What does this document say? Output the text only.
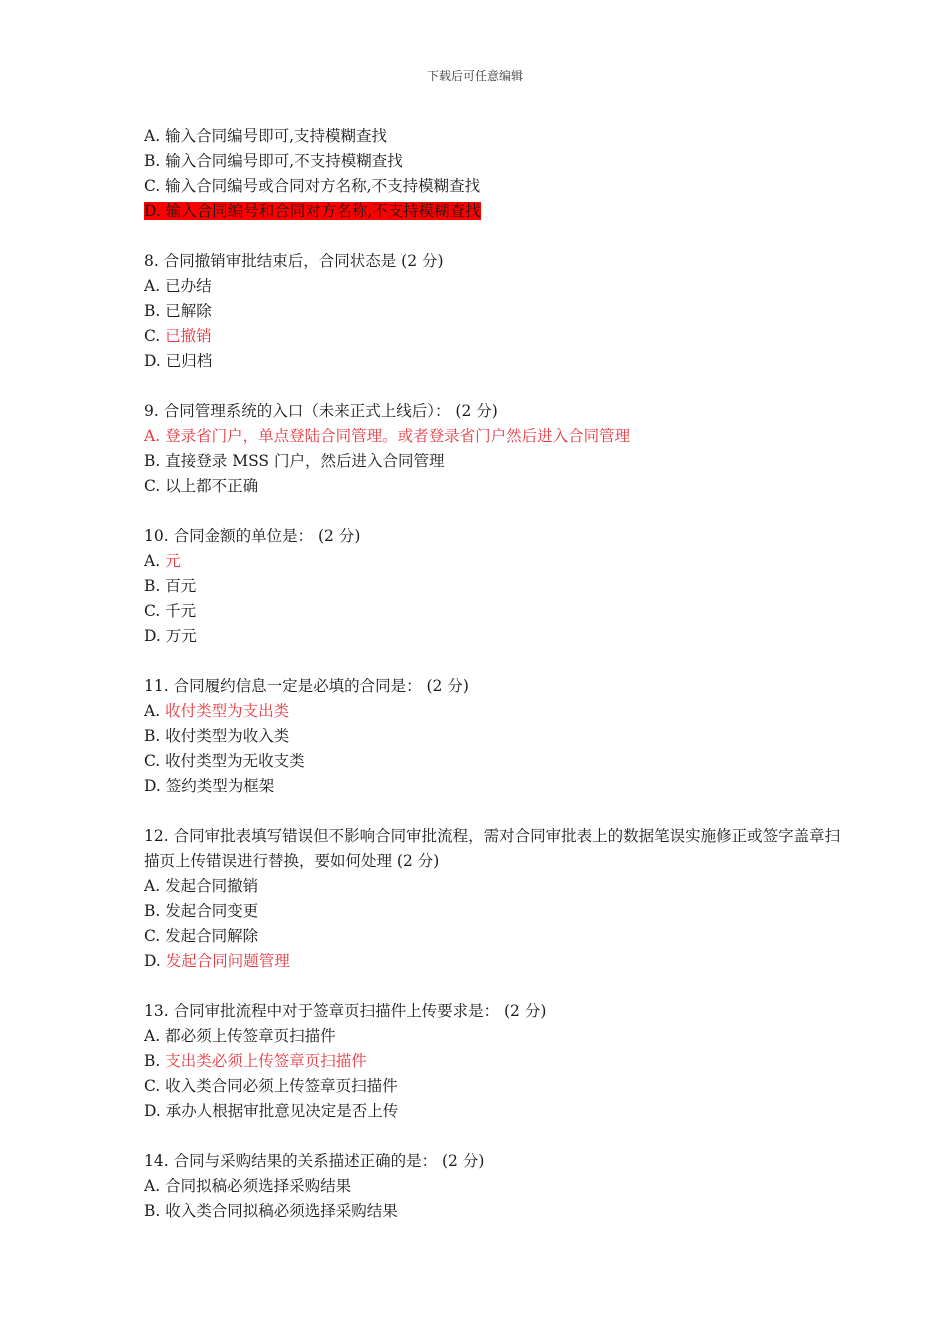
下载后可任意编辑
A. 输入合同编号即可,支持模糊查找
B. 输入合同编号即可,不支持模糊查找
C. 输入合同编号或合同对方名称,不支持模糊查找
D. 输入合同编号和合同对方名称,不支持模糊查找
8. 合同撤销审批结束后，合同状态是 (2 分)
A. 已办结
B. 已解除
C. 已撤销
D. 已归档
9. 合同管理系统的入口（未来正式上线后）： (2 分)
A. 登录省门户，单点登陆合同管理。或者登录省门户然后进入合同管理
B. 直接登录 MSS 门户，然后进入合同管理
C. 以上都不正确
10. 合同金额的单位是： (2 分)
A. 元
B. 百元
C. 千元
D. 万元
11. 合同履约信息一定是必填的合同是： (2 分)
A. 收付类型为支出类
B. 收付类型为收入类
C. 收付类型为无收支类
D. 签约类型为框架
12. 合同审批表填写错误但不影响合同审批流程，需对合同审批表上的数据笔误实施修正或签字盖章扫描页上传错误进行替换，要如何处理 (2 分)
A. 发起合同撤销
B. 发起合同变更
C. 发起合同解除
D. 发起合同问题管理
13. 合同审批流程中对于签章页扫描件上传要求是： (2 分)
A. 都必须上传签章页扫描件
B. 支出类必须上传签章页扫描件
C. 收入类合同必须上传签章页扫描件
D. 承办人根据审批意见决定是否上传
14. 合同与采购结果的关系描述正确的是： (2 分)
A. 合同拟稿必须选择采购结果
B. 收入类合同拟稿必须选择采购结果
